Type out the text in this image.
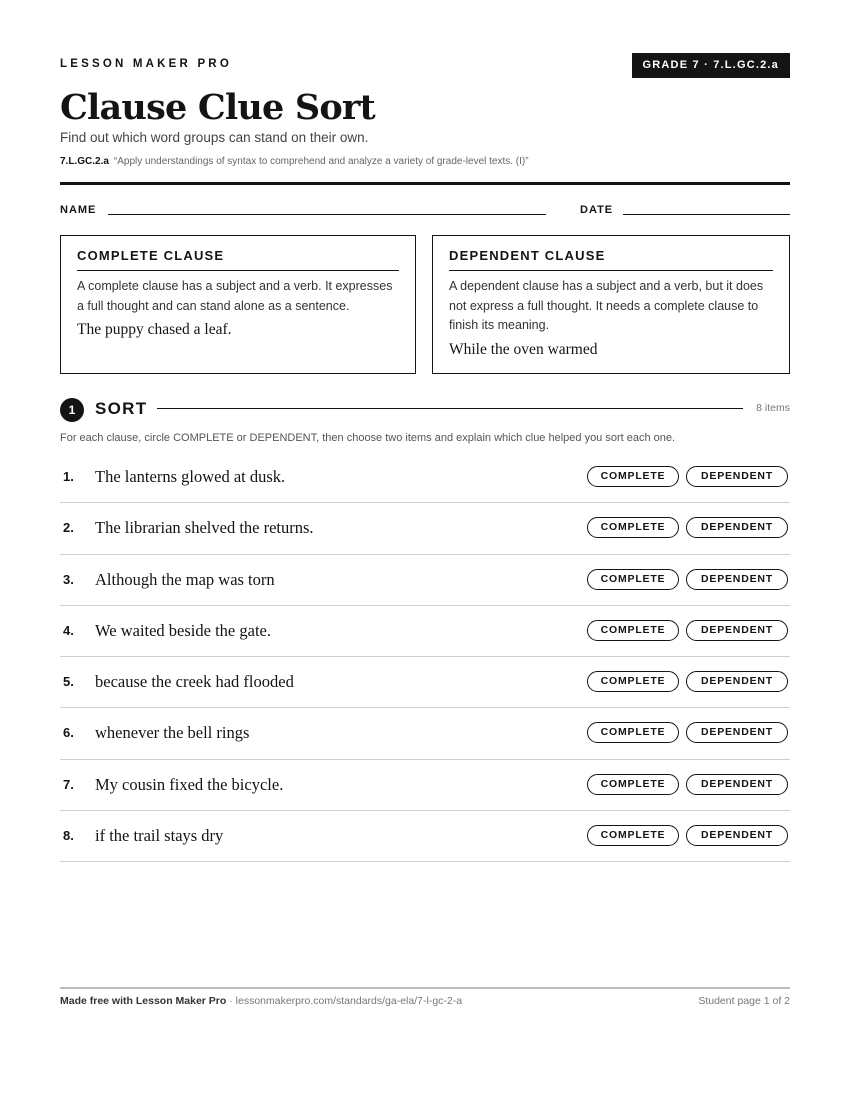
LESSON MAKER PRO	GRADE 7 · 7.L.GC.2.a
Clause Clue Sort
Find out which word groups can stand on their own.
7.L.GC.2.a “Apply understandings of syntax to comprehend and analyze a variety of grade-level texts. (I)”
NAME	DATE
COMPLETE CLAUSE
A complete clause has a subject and a verb. It expresses a full thought and can stand alone as a sentence.
The puppy chased a leaf.
DEPENDENT CLAUSE
A dependent clause has a subject and a verb, but it does not express a full thought. It needs a complete clause to finish its meaning.
While the oven warmed
1	SORT	8 items
For each clause, circle COMPLETE or DEPENDENT, then choose two items and explain which clue helped you sort each one.
1. The lanterns glowed at dusk.	COMPLETE	DEPENDENT
2. The librarian shelved the returns.	COMPLETE	DEPENDENT
3. Although the map was torn	COMPLETE	DEPENDENT
4. We waited beside the gate.	COMPLETE	DEPENDENT
5. because the creek had flooded	COMPLETE	DEPENDENT
6. whenever the bell rings	COMPLETE	DEPENDENT
7. My cousin fixed the bicycle.	COMPLETE	DEPENDENT
8. if the trail stays dry	COMPLETE	DEPENDENT
Made free with Lesson Maker Pro · lessonmakerpro.com/standards/ga-ela/7-l-gc-2-a	Student page 1 of 2
